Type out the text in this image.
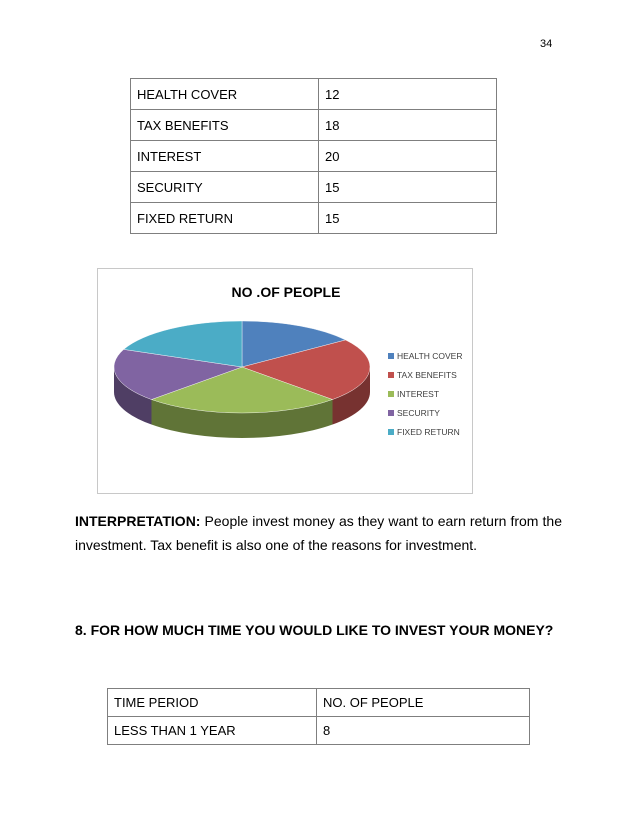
34
HEALTH COVER	12
TAX BENEFITS	18
INTEREST	20
SECURITY	15
FIXED RETURN	15
NO .OF PEOPLE
HEALTH COVER
TAX BENEFITS
INTEREST
SECURITY
FIXED RETURN
INTERPRETATION: People invest money as they want to earn return from the investment. Tax benefit is also one of the reasons for investment.
8. FOR HOW MUCH TIME YOU WOULD LIKE TO INVEST YOUR MONEY?
TIME PERIOD	NO. OF PEOPLE
LESS THAN 1 YEAR	8
